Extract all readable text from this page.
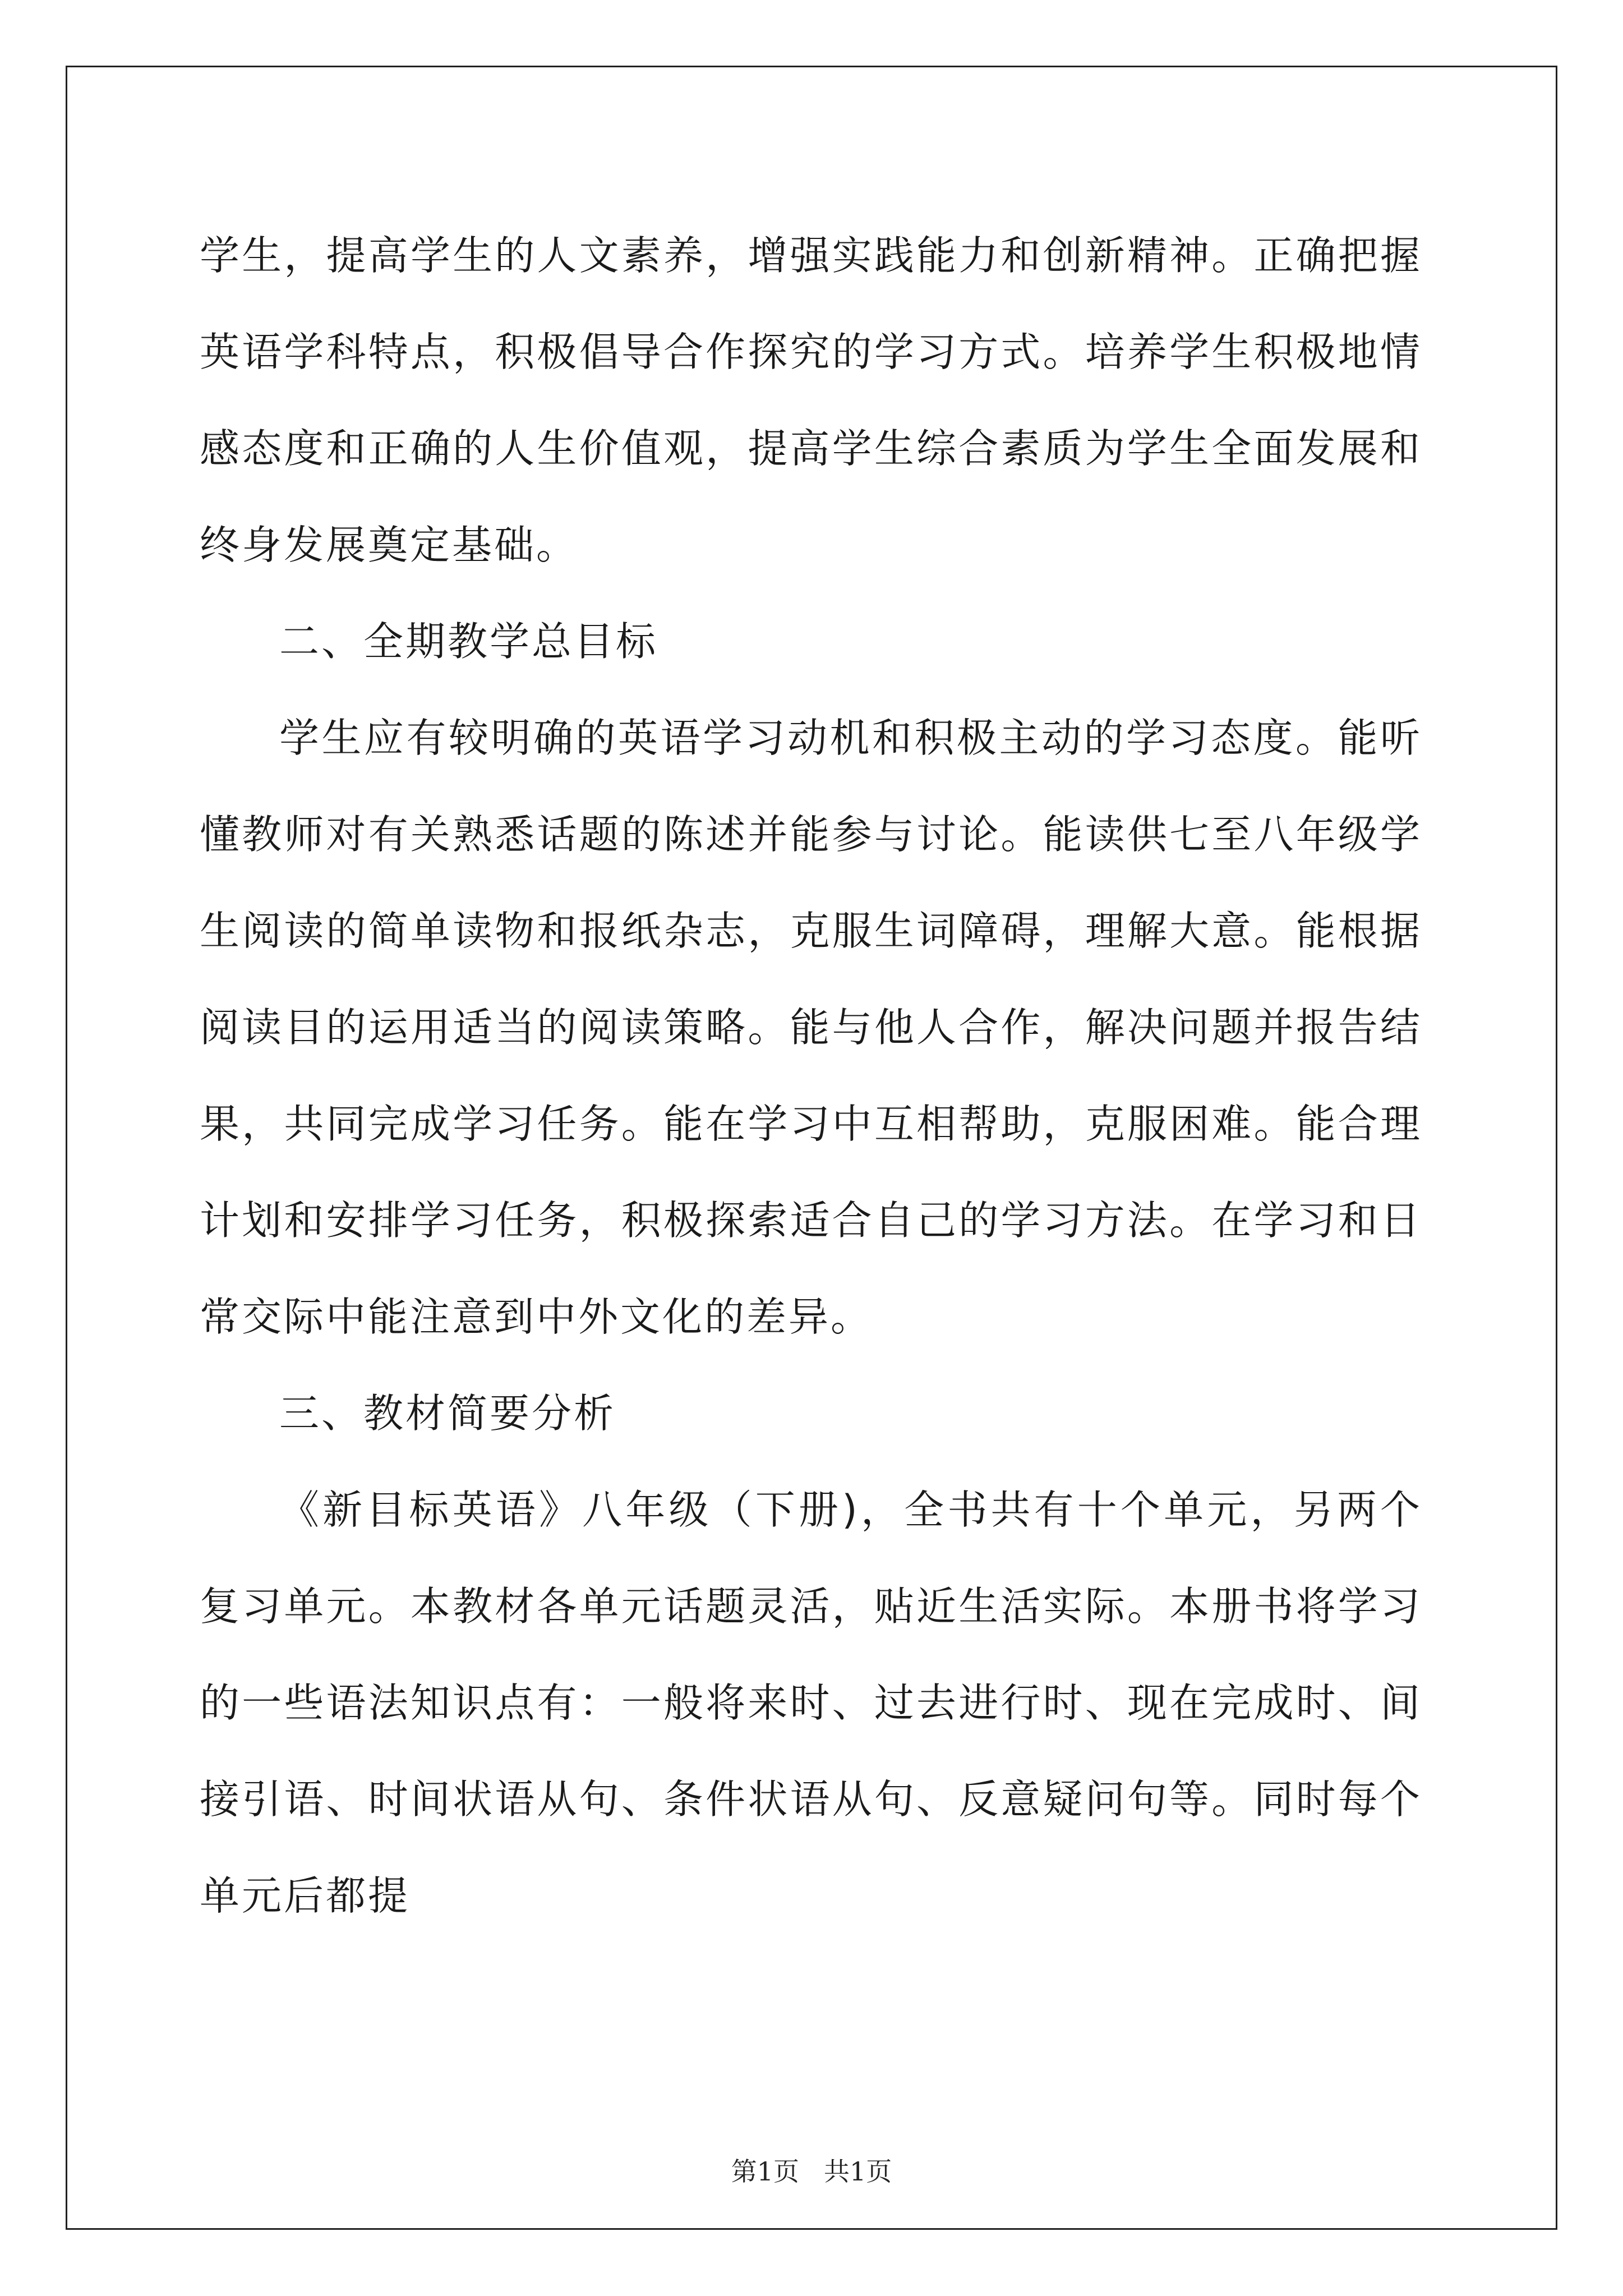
学生，提高学生的人文素养，增强实践能力和创新精神。正确把握英语学科特点，积极倡导合作探究的学习方式。培养学生积极地情感态度和正确的人生价值观，提高学生综合素质为学生全面发展和终身发展奠定基础。

二、全期教学总目标

学生应有较明确的英语学习动机和积极主动的学习态度。能听懂教师对有关熟悉话题的陈述并能参与讨论。能读供七至八年级学生阅读的简单读物和报纸杂志，克服生词障碍，理解大意。能根据阅读目的运用适当的阅读策略。能与他人合作，解决问题并报告结果，共同完成学习任务。能在学习中互相帮助，克服困难。能合理计划和安排学习任务，积极探索适合自己的学习方法。在学习和日常交际中能注意到中外文化的差异。

三、教材简要分析

《新目标英语》八年级（下册)，全书共有十个单元，另两个复习单元。本教材各单元话题灵活，贴近生活实际。本册书将学习的一些语法知识点有：一般将来时、过去进行时、现在完成时、间接引语、时间状语从句、条件状语从句、反意疑问句等。同时每个单元后都提

第1页 共1页
